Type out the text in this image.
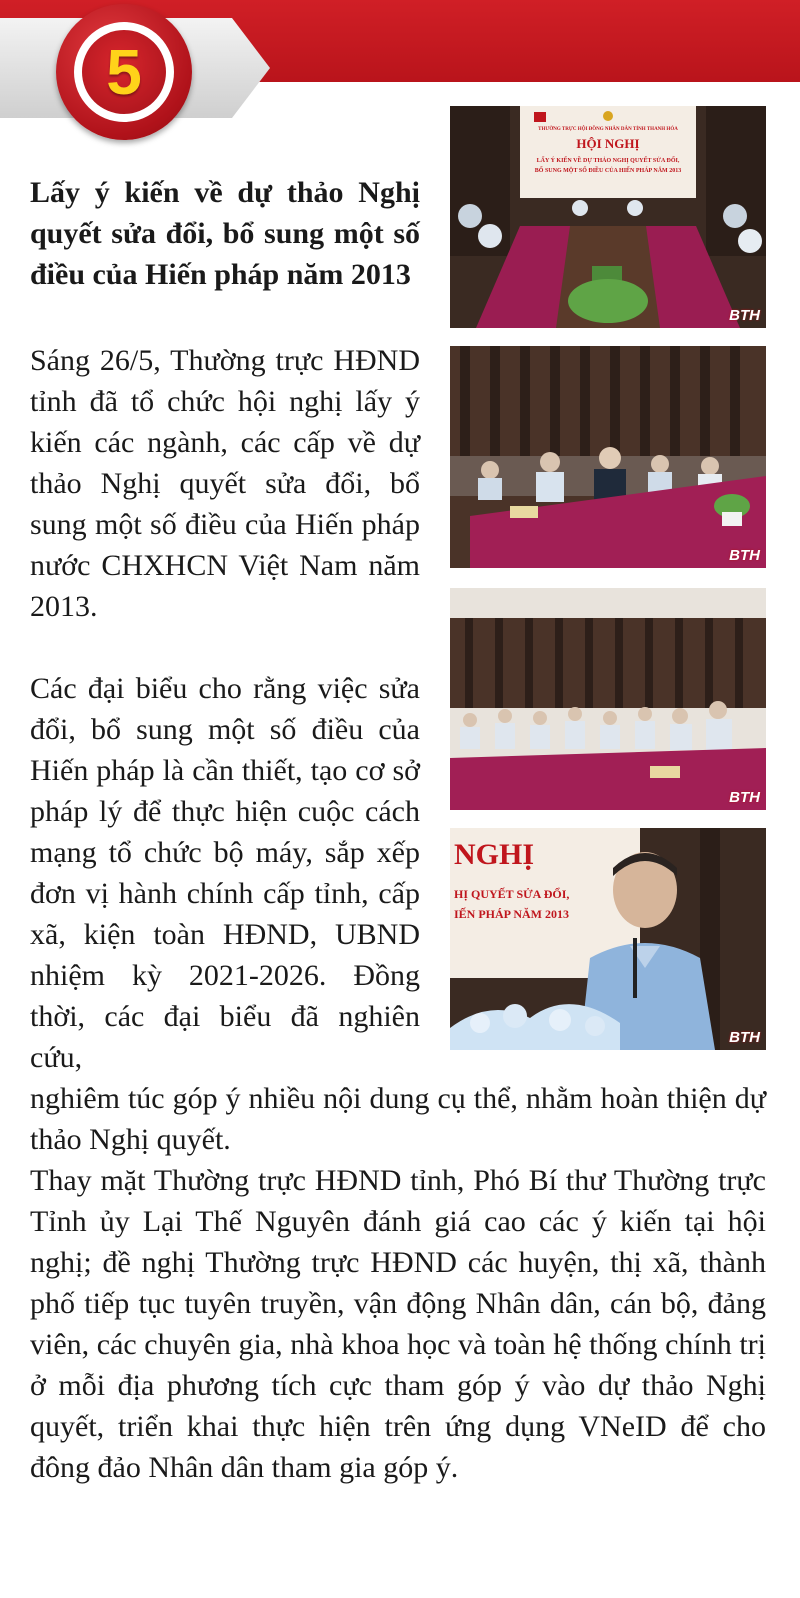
5
Lấy ý kiến về dự thảo Nghị quyết sửa đổi, bổ sung một số điều của Hiến pháp năm 2013

Sáng 26/5, Thường trực HĐND tỉnh đã tổ chức hội nghị lấy ý kiến các ngành, các cấp về dự thảo Nghị quyết sửa đổi, bổ sung một số điều của Hiến pháp nước CHXHCN Việt Nam năm 2013.

Các đại biểu cho rằng việc sửa đổi, bổ sung một số điều của Hiến pháp là cần thiết, tạo cơ sở pháp lý để thực hiện cuộc cách mạng tổ chức bộ máy, sắp xếp đơn vị hành chính cấp tỉnh, cấp xã, kiện toàn HĐND, UBND nhiệm kỳ 2021-2026. Đồng thời, các đại biểu đã nghiên cứu,

nghiêm túc góp ý nhiều nội dung cụ thể, nhằm hoàn thiện dự thảo Nghị quyết.

Thay mặt Thường trực HĐND tỉnh, Phó Bí thư Thường trực Tỉnh ủy Lại Thế Nguyên đánh giá cao các ý kiến tại hội nghị; đề nghị Thường trực HĐND các huyện, thị xã, thành phố tiếp tục tuyên truyền, vận động Nhân dân, cán bộ, đảng viên, các chuyên gia, nhà khoa học và toàn hệ thống chính trị ở mỗi địa phương tích cực tham góp ý vào dự thảo Nghị quyết, triển khai thực hiện trên ứng dụng VNeID để cho đông đảo Nhân dân tham gia góp ý.

THƯỜNG TRỰC HỘI ĐỒNG NHÂN DÂN TỈNH THANH HÓA
HỘI NGHỊ
LẤY Ý KIẾN VỀ DỰ THẢO NGHỊ QUYẾT SỬA ĐỔI,
BỔ SUNG MỘT SỐ ĐIỀU CỦA HIẾN PHÁP NĂM 2013
BTH
BTH
BTH
NGHỊ
HỊ QUYẾT SỬA ĐỔI,
IẾN PHÁP NĂM 2013
BTH
